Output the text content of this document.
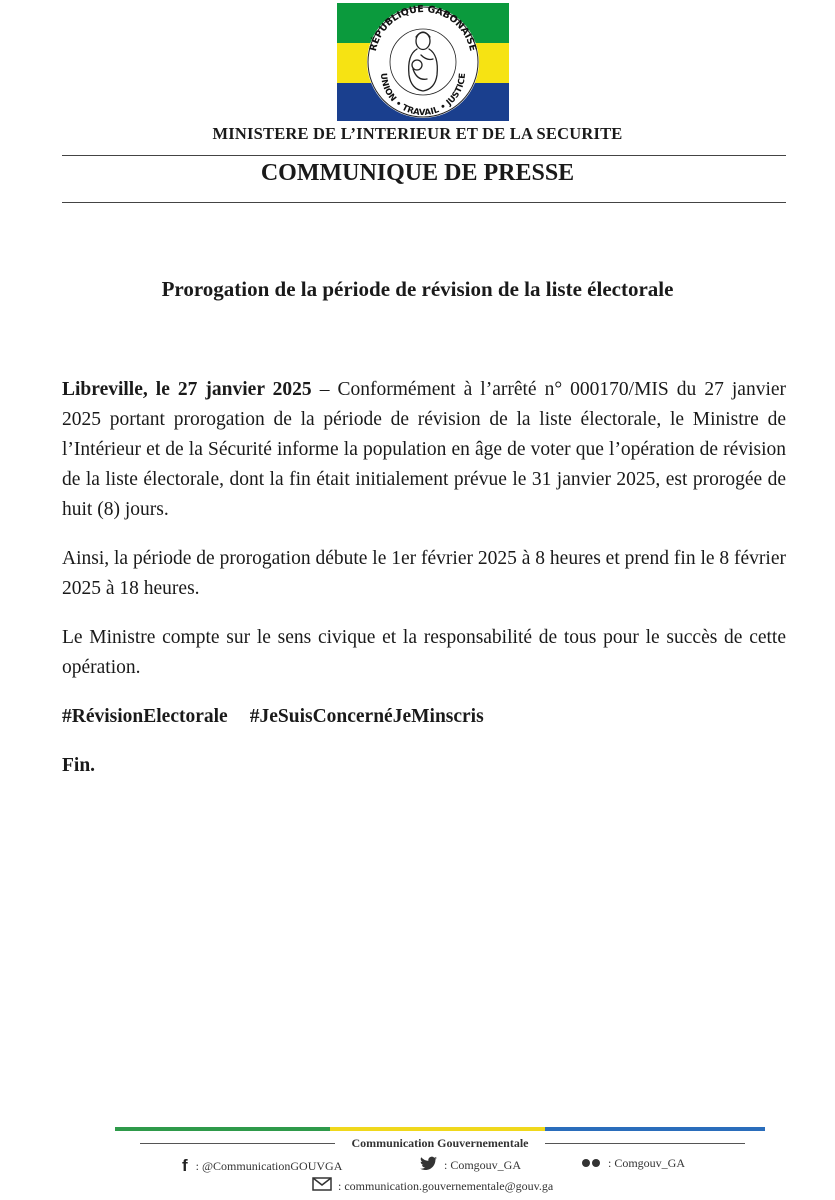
RÉPUBLIQUE GABONAISE
UNION • TRAVAIL • JUSTICE
MINISTERE DE L’INTERIEUR ET DE LA SECURITE
COMMUNIQUE DE PRESSE
Prorogation de la période de révision de la liste électorale

Libreville, le 27 janvier 2025 – Conformément à l’arrêté n° 000170/MIS du 27 janvier 2025 portant prorogation de la période de révision de la liste électorale, le Ministre de l’Intérieur et de la Sécurité informe la population en âge de voter que l’opération de révision de la liste électorale, dont la fin était initialement prévue le 31 janvier 2025, est prorogée de huit (8) jours.

Ainsi, la période de prorogation débute le 1er février 2025 à 8 heures et prend fin le 8 février 2025 à 18 heures.

Le Ministre compte sur le sens civique et la responsabilité de tous pour le succès de cette opération.

#RévisionElectorale #JeSuisConcernéJeMinscris

Fin.

Communication Gouvernementale
f : @CommunicationGOUVGA	: Comgouv_GA	: Comgouv_GA
: communication.gouvernementale@gouv.ga
